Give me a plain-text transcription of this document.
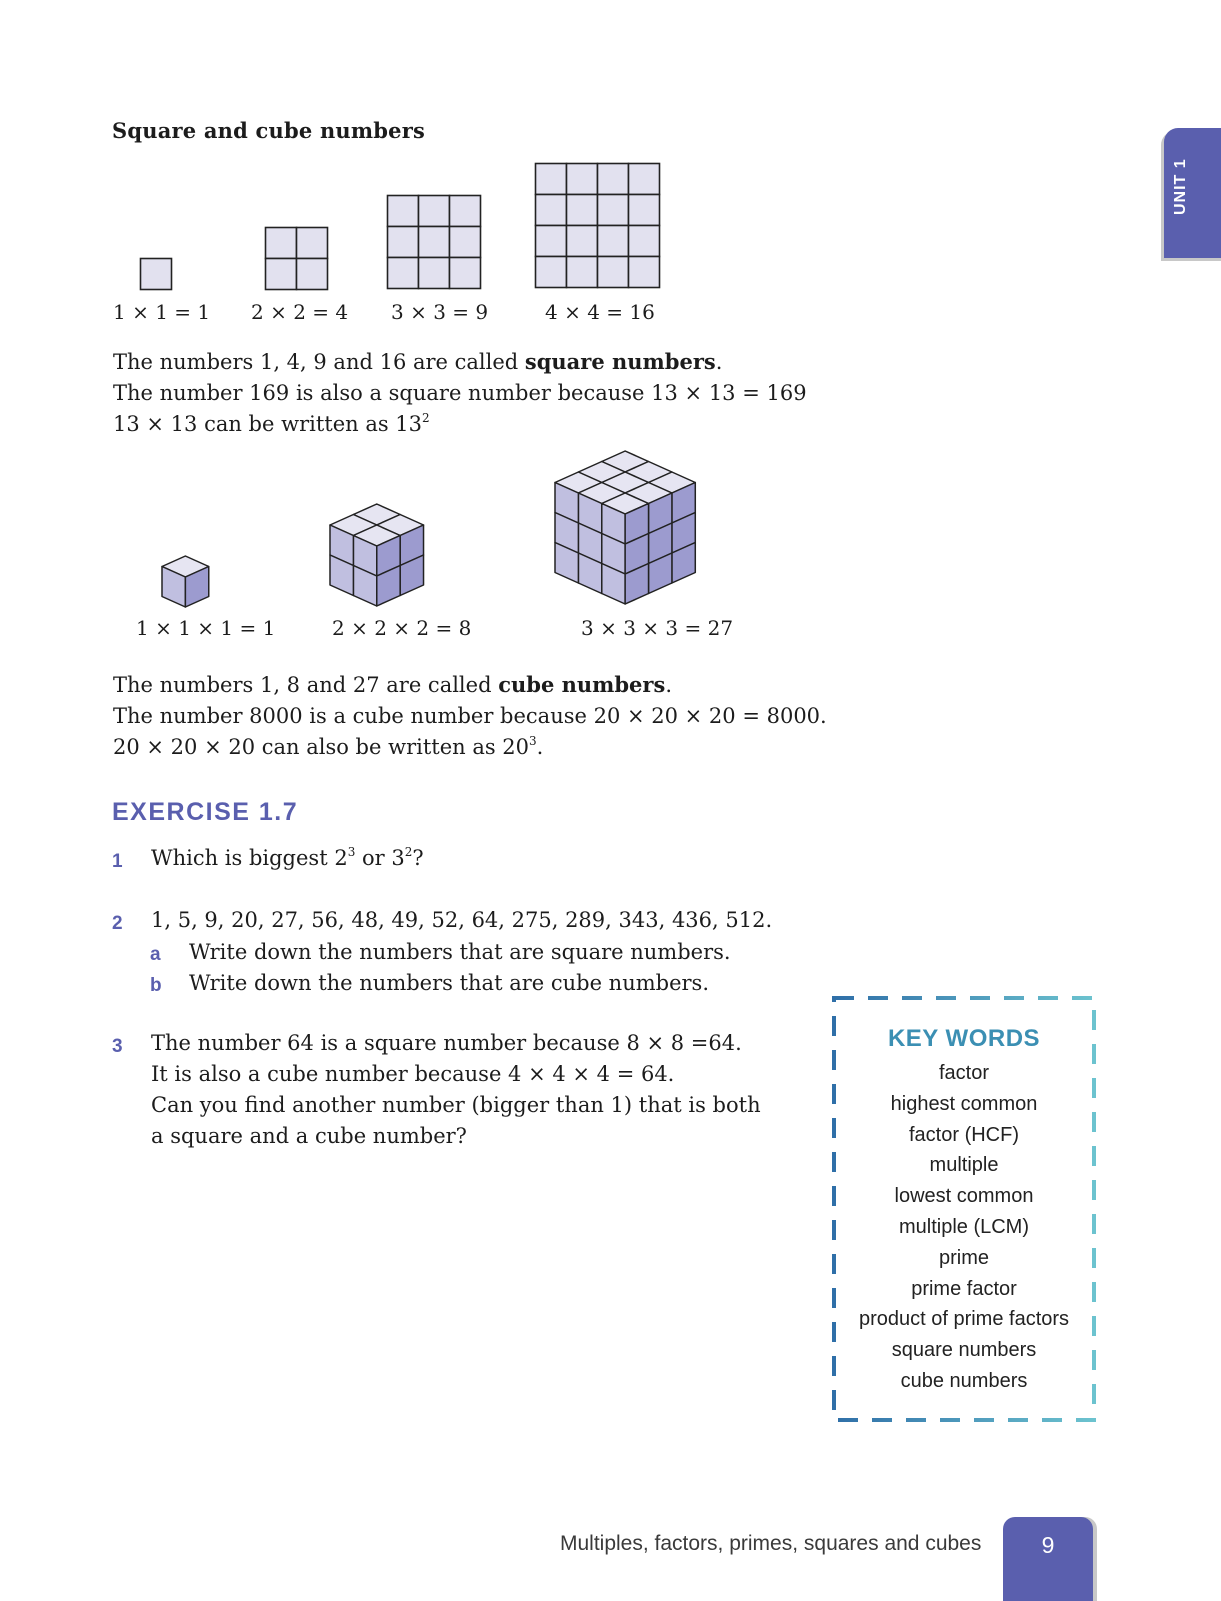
UNIT 1
Square and cube numbers
1 × 1 = 1 2 × 2 = 4 3 × 3 = 9	4 × 4 = 16
The numbers 1, 4, 9 and 16 are called square numbers.
The number 169 is also a square number because 13 × 13 = 169
13 × 13 can be written as $13^2$
1 × 1 × 1 = 1	2 × 2 × 2 = 8	3 × 3 × 3 = 27
The numbers 1, 8 and 27 are called cube numbers.
The number 8000 is a cube number because 20 × 20 × 20 = 8000.
20 × 20 × 20 can also be written as $20^3$.
EXERCISE 1.7
1 Which is biggest $2^3$ or $3^2$?
2 1, 5, 9, 20, 27, 56, 48, 49, 52, 64, 275, 289, 343, 436, 512.
a Write down the numbers that are square numbers.
b Write down the numbers that are cube numbers.
3 The number 64 is a square number because 8 × 8 =64.
It is also a cube number because 4 × 4 × 4 = 64.
Can you find another number (bigger than 1) that is both
a square and a cube number?
KEY WORDS
factor
highest common
factor (HCF)
multiple
lowest common
multiple (LCM)
prime
prime factor
product of prime factors
square numbers
cube numbers
Multiples, factors, primes, squares and cubes	9
